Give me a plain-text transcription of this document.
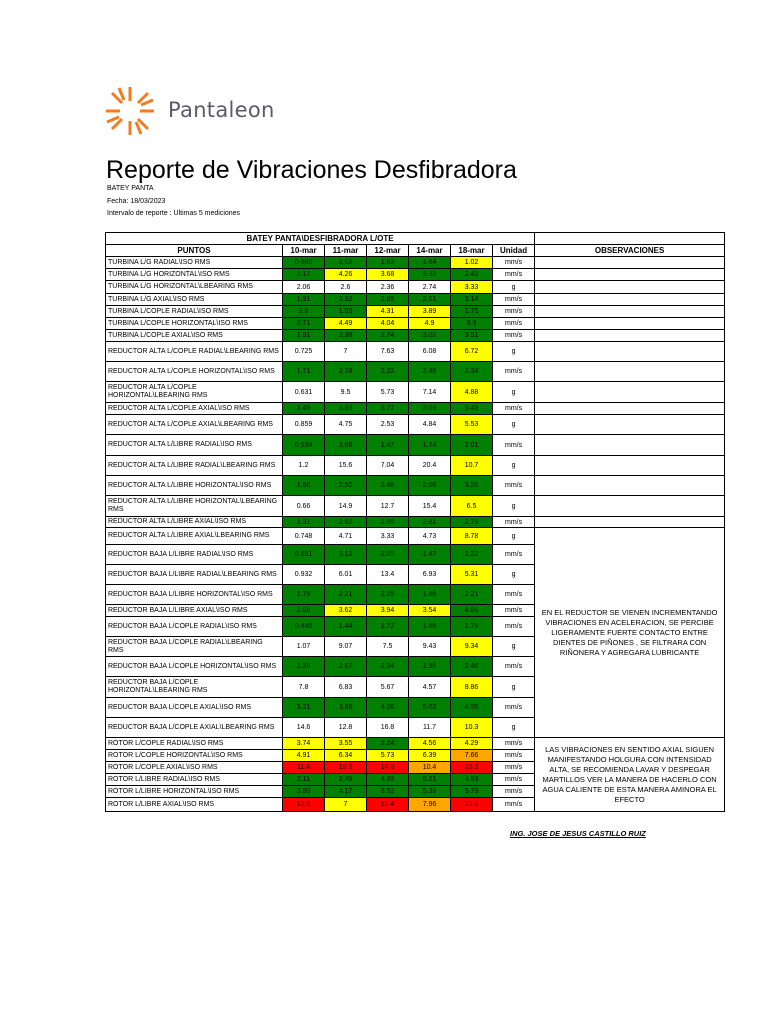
Pantaleon
Reporte de Vibraciones Desfibradora
BATEY PANTA
Fecha: 18/03/2023
Intervalo de reporte : Ultimas 5 mediciones
BATEY PANTA\DESFIBRADORA L/OTE							
PUNTOS	10-mar	11-mar	12-mar	14-mar	18-mar	Unidad	OBSERVACIONES
TURBINA L/G RADIAL\ISO RMS	0.980	2.02	1.63	1.64	1.02	mm/s	
TURBINA L/G HORIZONTAL\ISO RMS	2.17	4.26	3.68	3.33	2.43	mm/s	
TURBINA L/G HORIZONTAL\LBEARING RMS	2.06	2.6	2.36	2.74	3.33	g	
TURBINA L/G AXIAL\ISO RMS	1.31	2.32	2.85	2.61	3.14	mm/s	
TURBINA L/COPLE RADIAL\ISO RMS	2.8	1.69	4.31	3.89	1.75	mm/s	
TURBINA L/COPLE HORIZONTAL\ISO RMS	2.71	4.49	4.04	4.9	3.9	mm/s	
TURBINA L/COPLE AXIAL\ISO RMS	1.91	2.38	2.74	3.02	3.51	mm/s	
REDUCTOR ALTA L/COPLE RADIAL\LBEARING RMS	0.725	7	7.63	6.08	6.72	g	
REDUCTOR ALTA L/COPLE HORIZONTAL\ISO RMS	1.71	2.78	2.22	2.46	2.34	mm/s	
REDUCTOR ALTA L/COPLE HORIZONTAL\LBEARING RMS	0.631	9.5	5.73	7.14	4.88	g	
REDUCTOR ALTA L/COPLE AXIAL\ISO RMS	1.49	3.83	3.77	3.09	5.43	mm/s	
REDUCTOR ALTA L/COPLE AXIAL\LBEARING RMS	0.859	4.75	2.53	4.84	5.53	g	
REDUCTOR ALTA L/LIBRE RADIAL\ISO RMS	0.534	3.06	1.47	1.74	2.01	mm/s	
REDUCTOR ALTA L/LIBRE RADIAL\LBEARING RMS	1.2	15.6	7.04	20.4	10.7	g	
REDUCTOR ALTA L/LIBRE HORIZONTAL\ISO RMS	1.60	2.50	2.48	2.06	3.26	mm/s	
REDUCTOR ALTA L/LIBRE HORIZONTAL\LBEARING RMS	0.66	14.9	12.7	15.4	6.5	g	
REDUCTOR ALTA L/LIBRE AXIAL\ISO RMS	1.31	2.62	2.95	2.81	2.79	mm/s	
REDUCTOR ALTA L/LIBRE AXIAL\LBEARING RMS	0.748	4.71	3.33	4.73	8.78	g	EN EL REDUCTOR SE VIENEN INCREMENTANDO VIBRACIONES EN ACELERACION, SE PERCIBE LIGERAMENTE FUERTE CONTACTO ENTRE DIENTES DE PIÑONES , SE FILTRARA CON RIÑONERA Y AGREGARA LUBRICANTE
REDUCTOR BAJA L/LIBRE RADIAL\ISO RMS	0.691	3.12	2.89	1.47	1.22	mm/s	
REDUCTOR BAJA L/LIBRE RADIAL\LBEARING RMS	0.932	6.01	13.4	6.93	5.31	g	
REDUCTOR BAJA L/LIBRE HORIZONTAL\ISO RMS	1.75	2.21	2.25	1.86	2.21	mm/s	
REDUCTOR BAJA L/LIBRE AXIAL\ISO RMS	2.08	3.62	3.94	3.54	4.86	mm/s	
REDUCTOR BAJA L/COPLE RADIAL\ISO RMS	0.445	1.44	1.72	1.66	1.79	mm/s	
REDUCTOR BAJA L/COPLE RADIAL\LBEARING RMS	1.07	9.07	7.5	9.43	9.34	g	
REDUCTOR BAJA L/COPLE HORIZONTAL\ISO RMS	2.39	2.67	2.34	1.96	2.46	mm/s	
REDUCTOR BAJA L/COPLE HORIZONTAL\LBEARING RMS	7.8	6.83	5.67	4.57	8.86	g	
REDUCTOR BAJA L/COPLE AXIAL\ISO RMS	3.21	3.86	4.26	5.02	4.95	mm/s	
REDUCTOR BAJA L/COPLE AXIAL\LBEARING RMS	14.6	12.8	16.8	11.7	10.3	g	
ROTOR L/COPLE RADIAL\ISO RMS	3.74	3.55	2.24	4.56	4.29	mm/s	LAS VIBRACIONES EN SENTIDO AXIAL SIGUEN MANIFESTANDO HOLGURA CON INTENSIDAD ALTA, SE RECOMIENDA LAVAR Y DESPEGAR MARTILLOS VER LA MANERA DE HACERLO CON AGUA CALIENTE DE ESTA MANERA AMINORA EL EFECTO
ROTOR L/COPLE HORIZONTAL\ISO RMS	4.91	6.34	5.73	6.39	7.66	mm/s	
ROTOR L/COPLE AXIAL\ISO RMS	11.4	18.9	14.8	10.4	28.2	mm/s	
ROTOR L/LIBRE RADIAL\ISO RMS	2.11	2.49	4.39	5.21	4.53	mm/s	
ROTOR L/LIBRE HORIZONTAL\ISO RMS	3.80	4.17	3.92	5.33	5.79	mm/s	
ROTOR L/LIBRE AXIAL\ISO RMS	18.5	7	18.4	7.96	23.2	mm/s	
ING. JOSE DE JESUS CASTILLO RUIZ
